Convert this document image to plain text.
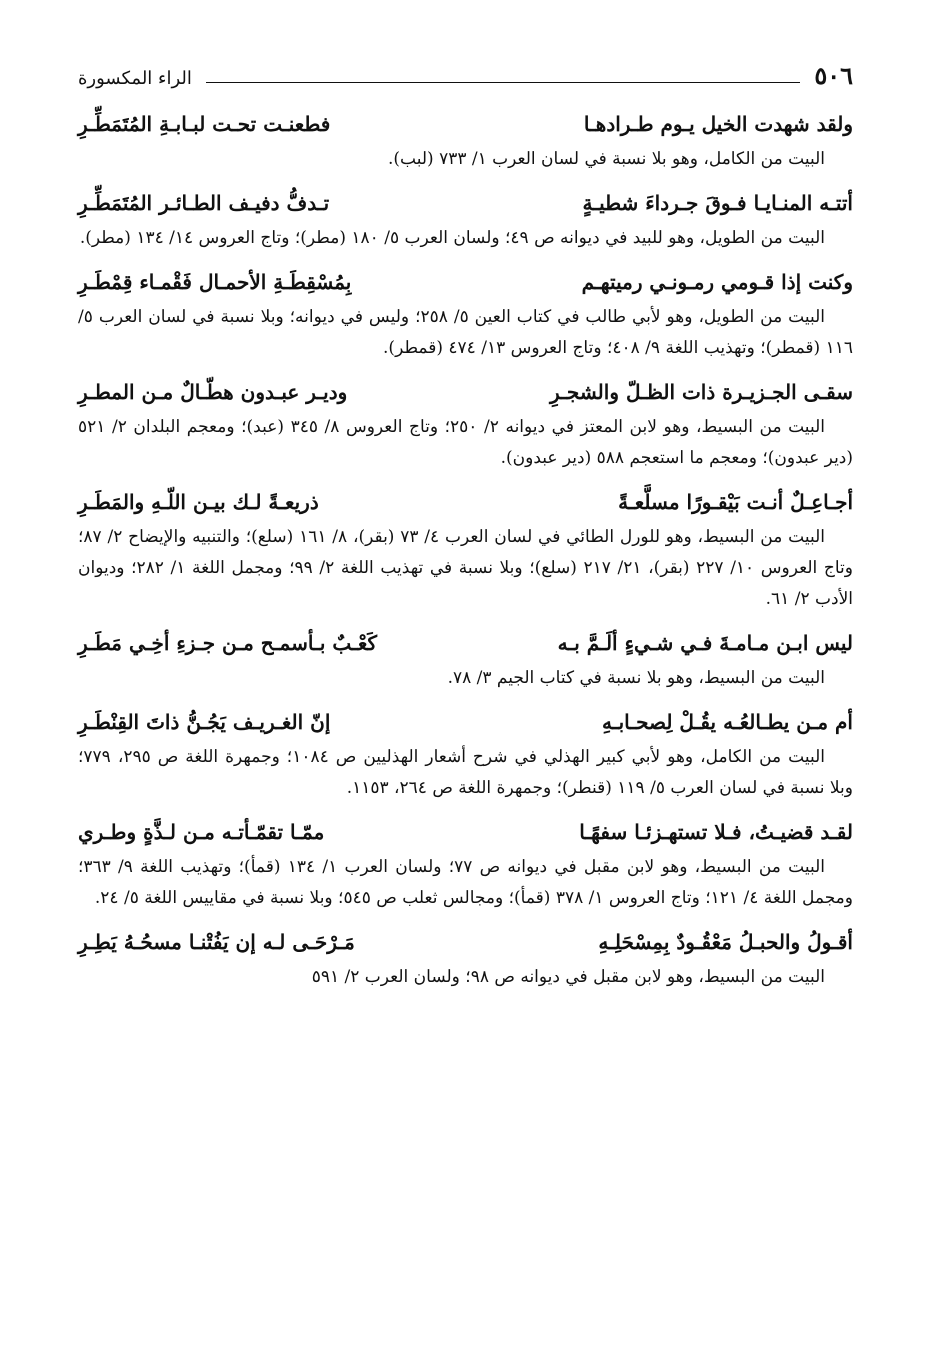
٥٠٦
الراء المكسورة
ولقد شهدت الخيل يـوم طـرادهـا
فطعنـت تحـت لبـابـةِ المُتَمَطِّـرِ

البيت من الكامل، وهو بلا نسبة في لسان العرب ١/ ٧٣٣ (لبب).

أتتـه المنـايـا فـوقَ جـرداءَ شطيـةٍ
تـدفُّ دفيـف الطـائـر المُتَمَطِّـرِ

البيت من الطويل، وهو للبيد في ديوانه ص ٤٩؛ ولسان العرب ٥/ ١٨٠ (مطر)؛ وتاج العروس ١٤/ ١٣٤ (مطر).

وكنت إذا قـومي رمـونـي رميتهـم
بِمُسْقِطَـةِ الأحمـال فَقْمـاء قِمْطَـرِ

البيت من الطويل، وهو لأبي طالب في كتاب العين ٥/ ٢٥٨؛ وليس في ديوانه؛ وبلا نسبة في لسان العرب ٥/ ١١٦ (قمطر)؛ وتهذيب اللغة ٩/ ٤٠٨؛ وتاج العروس ١٣/ ٤٧٤ (قمطر).

سقـى الجـزيـرة ذات الظـلّ والشجـرِ
وديـر عبـدون هطّـالٌ مـن المطـرِ

البيت من البسيط، وهو لابن المعتز في ديوانه ٢/ ٢٥٠؛ وتاج العروس ٨/ ٣٤٥ (عبد)؛ ومعجم البلدان ٢/ ٥٢١ (دير عبدون)؛ ومعجم ما استعجم ٥٨٨ (دير عبدون).

أجـاعِـلٌ أنـت بَيْقـورًا مسلَّعـةً
ذريعـةً لـك بيـن اللّـهِ والمَطَـرِ

البيت من البسيط، وهو للورل الطائي في لسان العرب ٤/ ٧٣ (بقر)، ٨/ ١٦١ (سلع)؛ والتنبيه والإيضاح ٢/ ٨٧؛ وتاج العروس ١٠/ ٢٢٧ (بقر)، ٢١/ ٢١٧ (سلع)؛ وبلا نسبة في تهذيب اللغة ٢/ ٩٩؛ ومجمل اللغة ١/ ٢٨٢؛ وديوان الأدب ٢/ ٦١.

ليس ابـن مـامـةَ فـي شـيءٍ ألَـمَّ بـه
كَعْـبٌ بـأسمـح مـن جـزءِ أخِـي مَطَـرِ

البيت من البسيط، وهو بلا نسبة في كتاب الجيم ٣/ ٧٨.

أم مـن يطـالعُـه يقُـلْ لِصحـابـهِ
إنّ الغـريـف يَجُـنُّ ذاتَ القِنْطَـرِ

البيت من الكامل، وهو لأبي كبير الهذلي في شرح أشعار الهذليين ص ١٠٨٤؛ وجمهرة اللغة ص ٢٩٥، ٧٧٩؛ وبلا نسبة في لسان العرب ٥/ ١١٩ (قنطر)؛ وجمهرة اللغة ص ٢٦٤، ١١٥٣.

لقـد قضيـتُ، فـلا تستهـزئـا سفهًـا
ممّـا تقمّـأتـه مـن لـذَّةٍ وطـري

البيت من البسيط، وهو لابن مقبل في ديوانه ص ٧٧؛ ولسان العرب ١/ ١٣٤ (قمأ)؛ وتهذيب اللغة ٩/ ٣٦٣؛ ومجمل اللغة ٤/ ١٢١؛ وتاج العروس ١/ ٣٧٨ (قمأ)؛ ومجالس ثعلب ص ٥٤٥؛ وبلا نسبة في مقاييس اللغة ٥/ ٢٤.

أقـولُ والحبـلُ مَعْقُـودٌ بِمِسْحَلِـهِ
مَـرْحَـى لـه إن يَفُتْنـا مسحُـهُ يَطِـرِ

البيت من البسيط، وهو لابن مقبل في ديوانه ص ٩٨؛ ولسان العرب ٢/ ٥٩١
